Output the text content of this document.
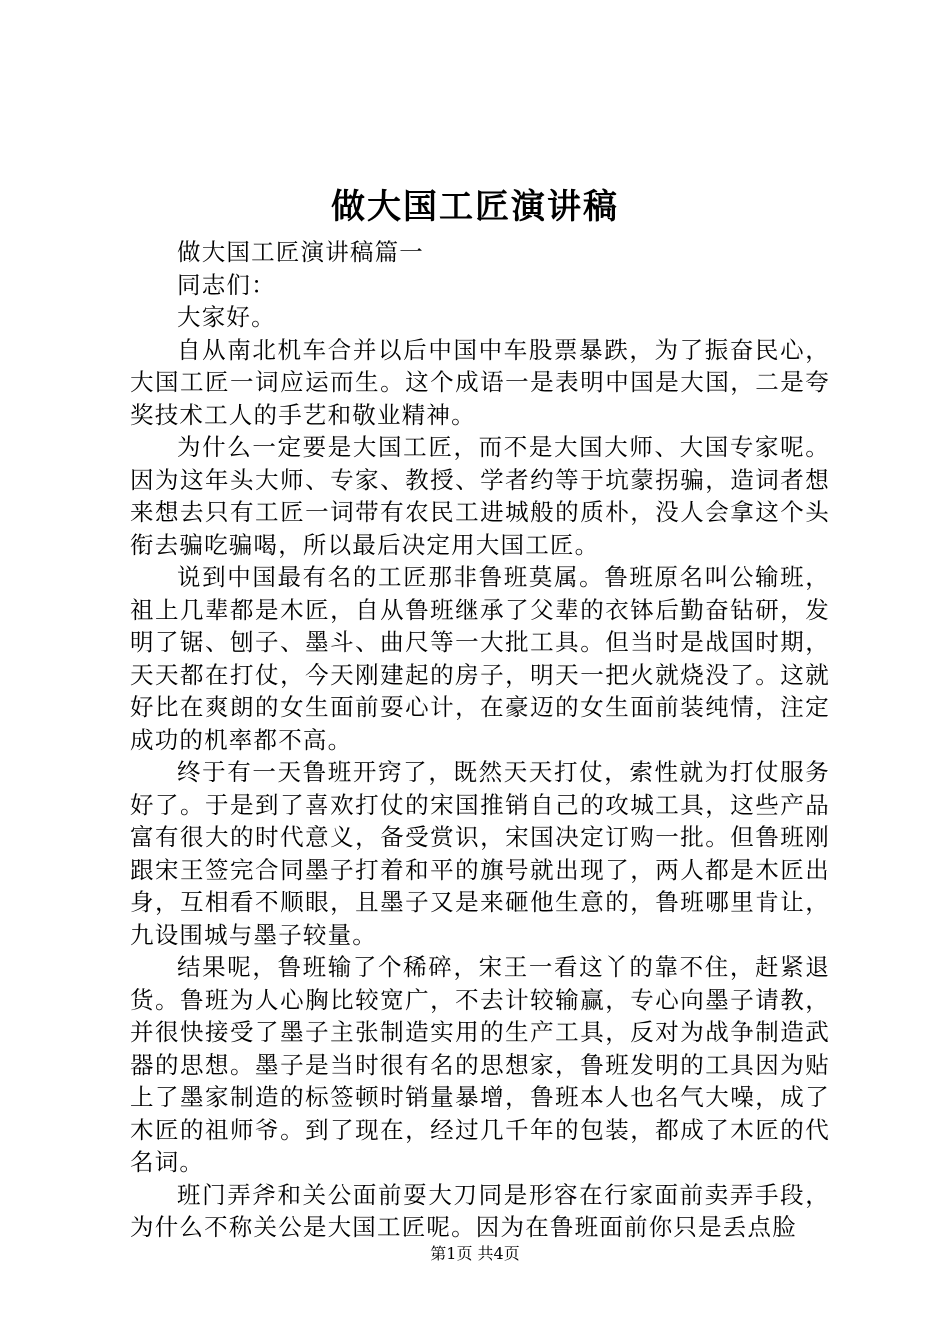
做大国工匠演讲稿

做大国工匠演讲稿篇一

同志们：

大家好。

自从南北机车合并以后中国中车股票暴跌，为了振奋民心，大国工匠一词应运而生。这个成语一是表明中国是大国，二是夸奖技术工人的手艺和敬业精神。

为什么一定要是大国工匠，而不是大国大师、大国专家呢。因为这年头大师、专家、教授、学者约等于坑蒙拐骗，造词者想来想去只有工匠一词带有农民工进城般的质朴，没人会拿这个头衔去骗吃骗喝，所以最后决定用大国工匠。

说到中国最有名的工匠那非鲁班莫属。鲁班原名叫公输班，祖上几辈都是木匠，自从鲁班继承了父辈的衣钵后勤奋钻研，发明了锯、刨子、墨斗、曲尺等一大批工具。但当时是战国时期，天天都在打仗，今天刚建起的房子，明天一把火就烧没了。这就好比在爽朗的女生面前耍心计，在豪迈的女生面前装纯情，注定成功的机率都不高。

终于有一天鲁班开窍了，既然天天打仗，索性就为打仗服务好了。于是到了喜欢打仗的宋国推销自己的攻城工具，这些产品富有很大的时代意义，备受赏识，宋国决定订购一批。但鲁班刚跟宋王签完合同墨子打着和平的旗号就出现了，两人都是木匠出身，互相看不顺眼，且墨子又是来砸他生意的，鲁班哪里肯让，九设围城与墨子较量。

结果呢，鲁班输了个稀碎，宋王一看这丫的靠不住，赶紧退货。鲁班为人心胸比较宽广，不去计较输赢，专心向墨子请教，并很快接受了墨子主张制造实用的生产工具，反对为战争制造武器的思想。墨子是当时很有名的思想家，鲁班发明的工具因为贴上了墨家制造的标签顿时销量暴增，鲁班本人也名气大噪，成了木匠的祖师爷。到了现在，经过几千年的包装，都成了木匠的代名词。

班门弄斧和关公面前耍大刀同是形容在行家面前卖弄手段，为什么不称关公是大国工匠呢。因为在鲁班面前你只是丢点脸

第1页 共4页
